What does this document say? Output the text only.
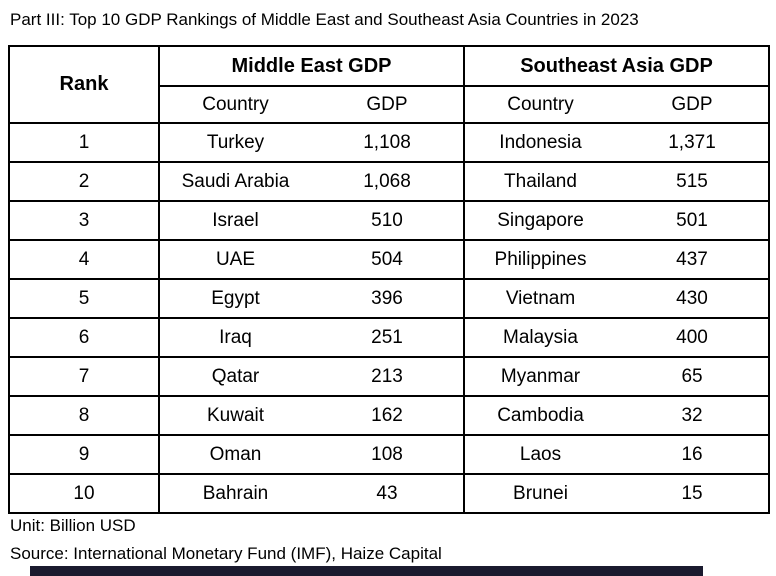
Part III: Top 10 GDP Rankings of Middle East and Southeast Asia Countries in 2023
Rank	Middle East GDP		Southeast Asia GDP	
	Country	GDP	Country	GDP
1	Turkey	1,108	Indonesia	1,371
2	Saudi Arabia	1,068	Thailand	515
3	Israel	510	Singapore	501
4	UAE	504	Philippines	437
5	Egypt	396	Vietnam	430
6	Iraq	251	Malaysia	400
7	Qatar	213	Myanmar	65
8	Kuwait	162	Cambodia	32
9	Oman	108	Laos	16
10	Bahrain	43	Brunei	15
Unit: Billion USD
Source: International Monetary Fund (IMF), Haize Capital
